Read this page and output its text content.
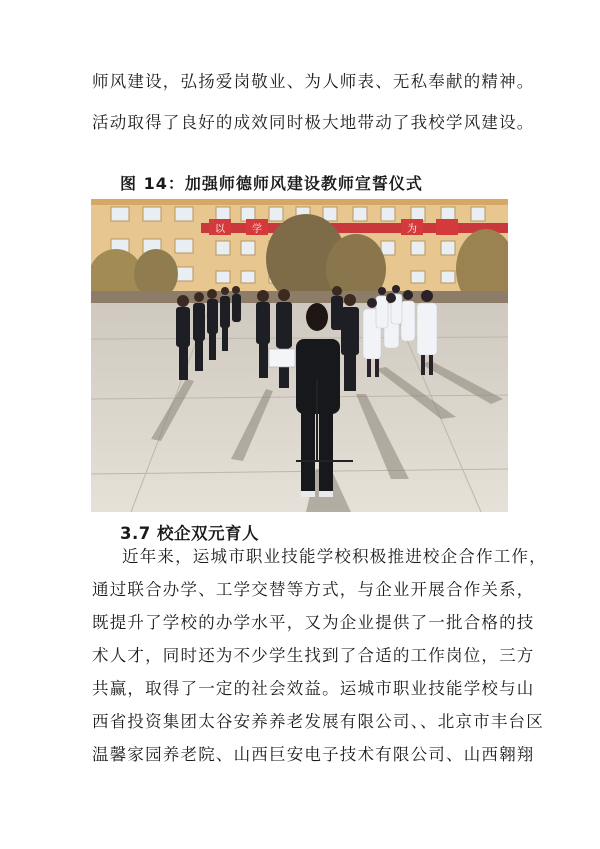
师风建设，弘扬爱岗敬业、为人师表、无私奉献的精神。
活动取得了良好的成效同时极大地带动了我校学风建设。
图 14：加强师德师风建设教师宣誓仪式
以	学	为
3.7 校企双元育人
近年来，运城市职业技能学校积极推进校企合作工作，
通过联合办学、工学交替等方式，与企业开展合作关系，
既提升了学校的办学水平，又为企业提供了一批合格的技
术人才，同时还为不少学生找到了合适的工作岗位，三方
共赢，取得了一定的社会效益。运城市职业技能学校与山
西省投资集团太谷安养养老发展有限公司、、北京市丰台区
温馨家园养老院、山西巨安电子技术有限公司、山西翱翔
